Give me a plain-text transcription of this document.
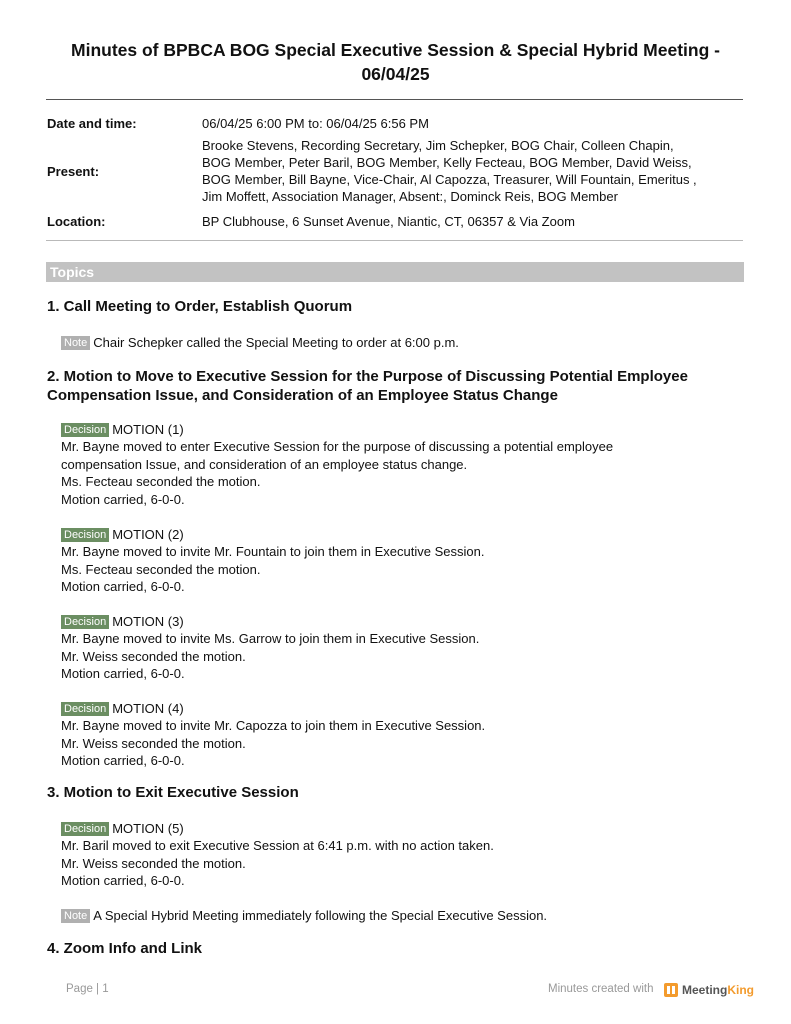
Minutes of BPBCA BOG Special Executive Session & Special Hybrid Meeting - 06/04/25
Date and time:	06/04/25 6:00 PM to: 06/04/25 6:56 PM
Present:
Brooke Stevens, Recording Secretary, Jim Schepker, BOG Chair, Colleen Chapin,
BOG Member, Peter Baril, BOG Member, Kelly Fecteau, BOG Member, David Weiss,
BOG Member, Bill Bayne, Vice-Chair, Al Capozza, Treasurer, Will Fountain, Emeritus ,
Jim Moffett, Association Manager, Absent:, Dominck Reis, BOG Member
Location:	BP Clubhouse, 6 Sunset Avenue, Niantic, CT, 06357 & Via Zoom
Topics
1. Call Meeting to Order, Establish Quorum
Note Chair Schepker called the Special Meeting to order at 6:00 p.m.
2. Motion to Move to Executive Session for the Purpose of Discussing Potential Employee
Compensation Issue, and Consideration of an Employee Status Change
Decision MOTION (1)
Mr. Bayne moved to enter Executive Session for the purpose of discussing a potential employee
compensation Issue, and consideration of an employee status change.
Ms. Fecteau seconded the motion.
Motion carried, 6-0-0.
Decision MOTION (2)
Mr. Bayne moved to invite Mr. Fountain to join them in Executive Session.
Ms. Fecteau seconded the motion.
Motion carried, 6-0-0.
Decision MOTION (3)
Mr. Bayne moved to invite Ms. Garrow to join them in Executive Session.
Mr. Weiss seconded the motion.
Motion carried, 6-0-0.
Decision MOTION (4)
Mr. Bayne moved to invite Mr. Capozza to join them in Executive Session.
Mr. Weiss seconded the motion.
Motion carried, 6-0-0.
3. Motion to Exit Executive Session
Decision MOTION (5)
Mr. Baril moved to exit Executive Session at 6:41 p.m. with no action taken.
Mr. Weiss seconded the motion.
Motion carried, 6-0-0.
Note A Special Hybrid Meeting immediately following the Special Executive Session.
4. Zoom Info and Link
Page | 1	Minutes created with MeetingKing
